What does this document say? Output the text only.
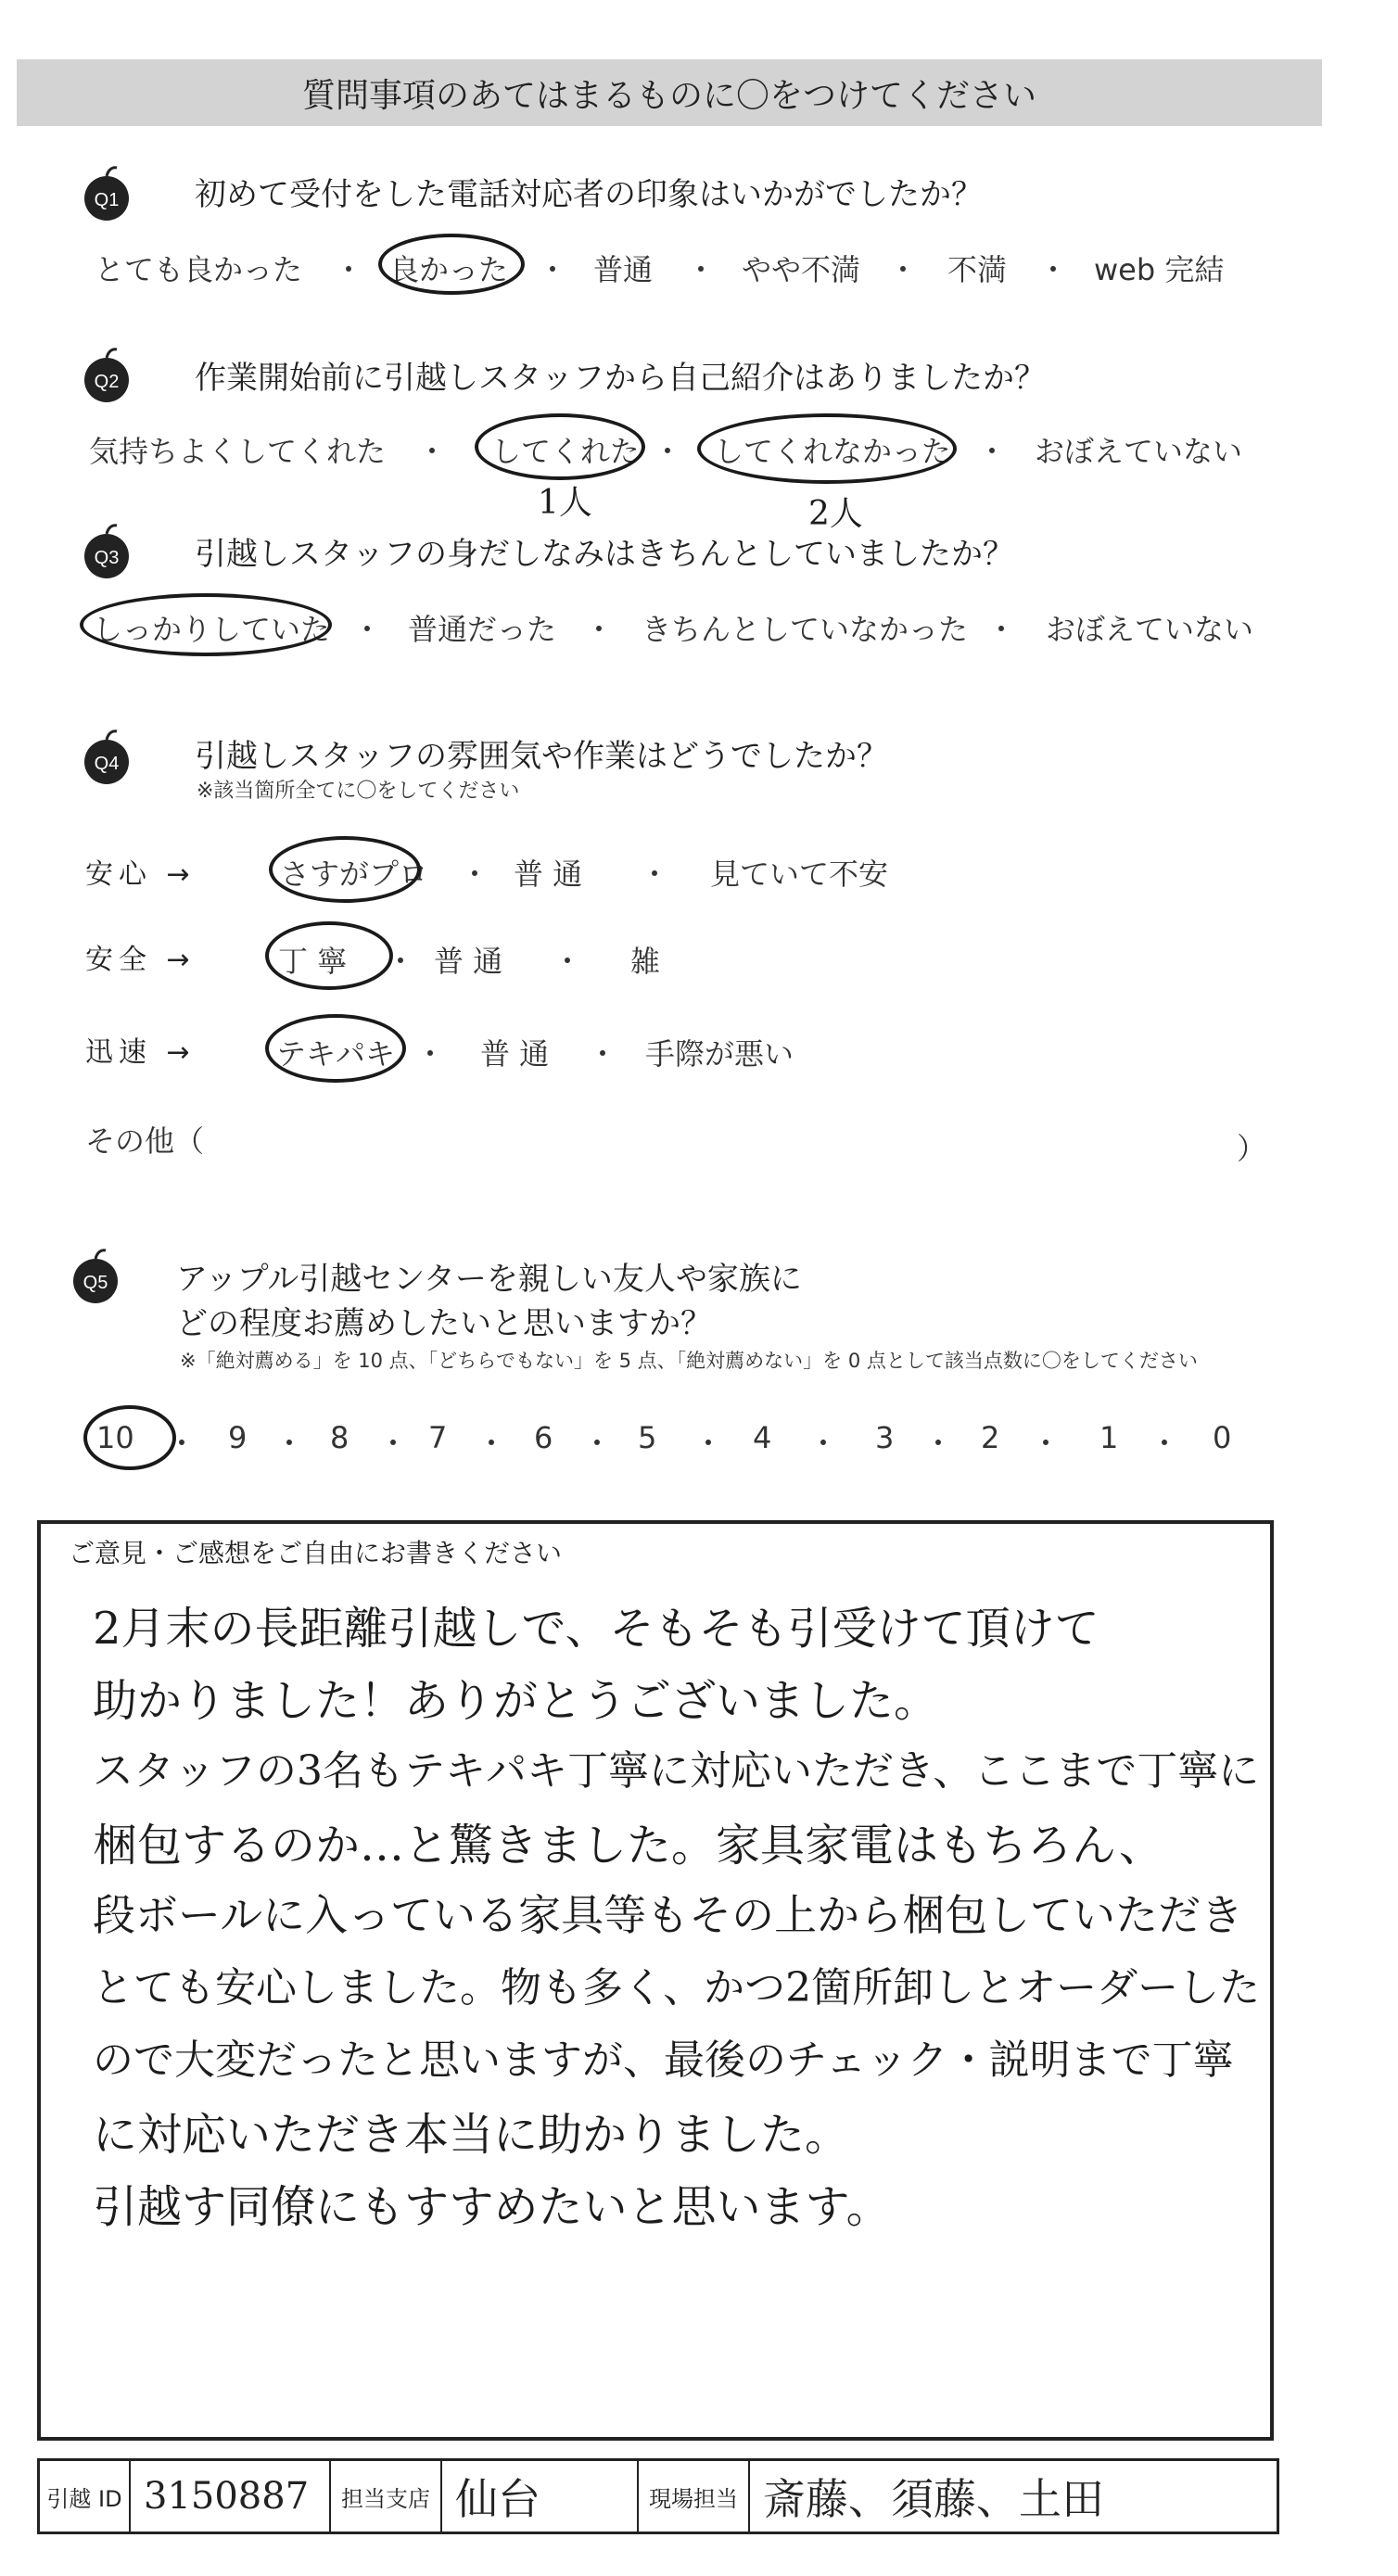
質問事項のあてはまるものに〇をつけてください
Q1 初めて受付をした電話対応者の印象はいかがでしたか？
とても良かった ・ 良かった ・ 普通 ・ やや不満 ・ 不満 ・ web 完結
Q2 作業開始前に引越しスタッフから自己紹介はありましたか？
気持ちよくしてくれた ・ してくれた ・ してくれなかった ・ おぼえていない
1人	2人
Q3 引越しスタッフの身だしなみはきちんとしていましたか？
しっかりしていた ・ 普通だった ・ きちんとしていなかった ・ おぼえていない
Q4 引越しスタッフの雰囲気や作業はどうでしたか？
※該当箇所全てに〇をしてください
安心 →	さすがプロ ・ 普 通 ・ 見ていて不安
安全 →	丁 寧 ・ 普 通 ・ 雑
迅速 →	テキパキ ・ 普 通 ・ 手際が悪い
その他（	）
Q5 アップル引越センターを親しい友人や家族に
どの程度お薦めしたいと思いますか？
※「絶対薦める」を 10 点、「どちらでもない」を 5 点、「絶対薦めない」を 0 点として該当点数に〇をしてください
10 ・ 9 ・ 8 ・ 7 ・ 6 ・ 5 ・ 4 ・ 3 ・ 2 ・ 1 ・ 0
ご意見・ご感想をご自由にお書きください
2月末の長距離引越しで、そもそも引受けて頂けて
助かりました！ありがとうございました。
スタッフの3名もテキパキ丁寧に対応いただき、ここまで丁寧に
梱包するのか…と驚きました。家具家電はもちろん、
段ボールに入っている家具等もその上から梱包していただき
とても安心しました。物も多く、かつ2箇所卸しとオーダーした
ので大変だったと思いますが、最後のチェック・説明まで丁寧
に対応いただき本当に助かりました。
引越す同僚にもすすめたいと思います。
引越 ID 3150887	担当支店 仙台	現場担当 斎藤、須藤、土田
